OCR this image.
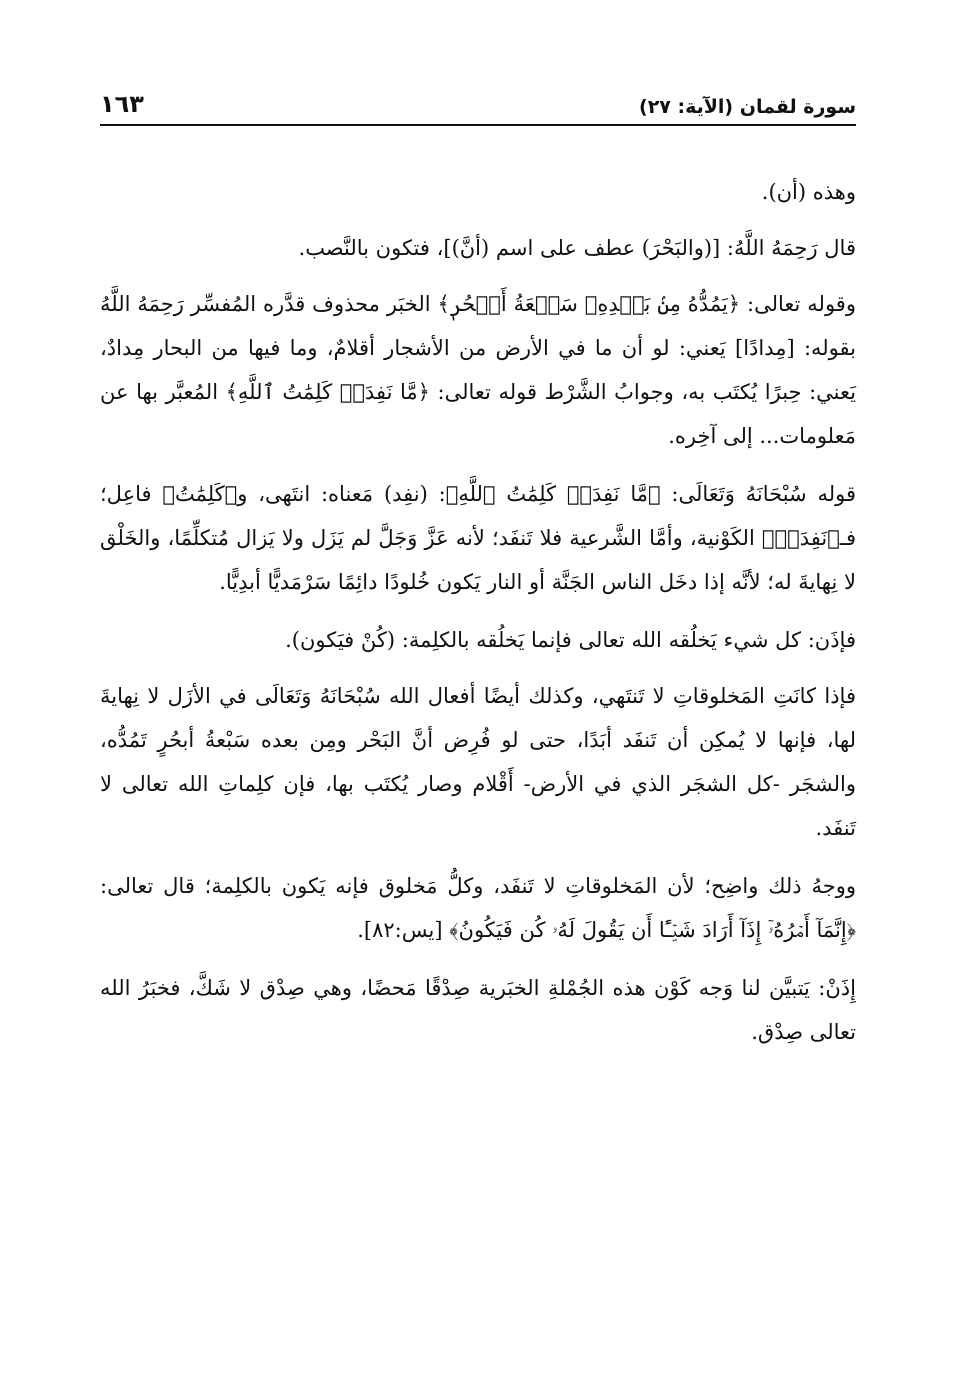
سورة لقمان (الآية: ٢٧)
١٦٣

وهذه (أن).

قال رَحِمَهُ اللَّهُ: [(والبَحْرَ) عطف على اسم (أنَّ)]، فتكون بالنَّصب.

وقوله تعالى: ﴿يَمُدُّهُ مِنۢ بَعۡدِهِۦ سَبۡعَةُ أَبۡحُرٖ﴾ الخبَر محذوف قدَّره المُفسِّر رَحِمَهُ اللَّهُ بقوله: [مِدادًا] يَعني: لو أن ما في الأرض من الأشجار أقلامٌ، وما فيها من البحار مِدادٌ، يَعني: حِبرًا يُكتَب به، وجوابُ الشَّرْط قوله تعالى: ﴿مَّا نَفِدَتۡ كَلِمَٰتُ ٱللَّهِ﴾ المُعبَّر بها عن مَعلومات... إلى آخِره.

قوله سُبْحَانَهُ وَتَعَالَى: ﴿مَّا نَفِدَتۡ كَلِمَٰتُ ٱللَّهِ﴾: (نفِد) مَعناه: انتَهى، و﴿كَلِمَٰتُ﴾ فاعِل؛ فـ﴿نَفِدَتۡ﴾ الكَوْنية، وأمَّا الشَّرعية فلا تَنفَد؛ لأنه عَزَّ وَجَلَّ لم يَزَل ولا يَزال مُتكلِّمًا، والخَلْق لا نِهايةَ له؛ لأنَّه إذا دخَل الناس الجَنَّة أو النار يَكون خُلودًا دائِمًا سَرْمَديًّا أبدِيًّا.

فإذَن: كل شيء يَخلُقه الله تعالى فإنما يَخلُقه بالكلِمة: (كُنْ فيَكون).

فإذا كانَتِ المَخلوقاتِ لا تَنتَهي، وكذلك أيضًا أفعال الله سُبْحَانَهُ وَتَعَالَى في الأزَل لا نِهايةَ لها، فإنها لا يُمكِن أن تَنفَد أبَدًا، حتى لو فُرِض أنَّ البَحْر ومِن بعده سَبْعةُ أبحُرٍ تَمُدُّه، والشجَر -كل الشجَر الذي في الأرض- أَقْلام وصار يُكتَب بها، فإن كلِماتِ الله تعالى لا تَنفَد.

ووجهُ ذلك واضِح؛ لأن المَخلوقاتِ لا تَنفَد، وكلُّ مَخلوق فإنه يَكون بالكلِمة؛ قال تعالى: ﴿إِنَّمَآ أَمۡرُهُۥٓ إِذَآ أَرَادَ شَيۡـًٔا أَن يَقُولَ لَهُۥ كُن فَيَكُونُ﴾ [يس:٨٢].

إِذَنْ: يَتبيَّن لنا وَجه كَوْن هذه الجُمْلةِ الخبَرية صِدْقًا مَحضًا، وهي صِدْق لا شَكَّ، فخبَرُ الله تعالى صِدْق.
